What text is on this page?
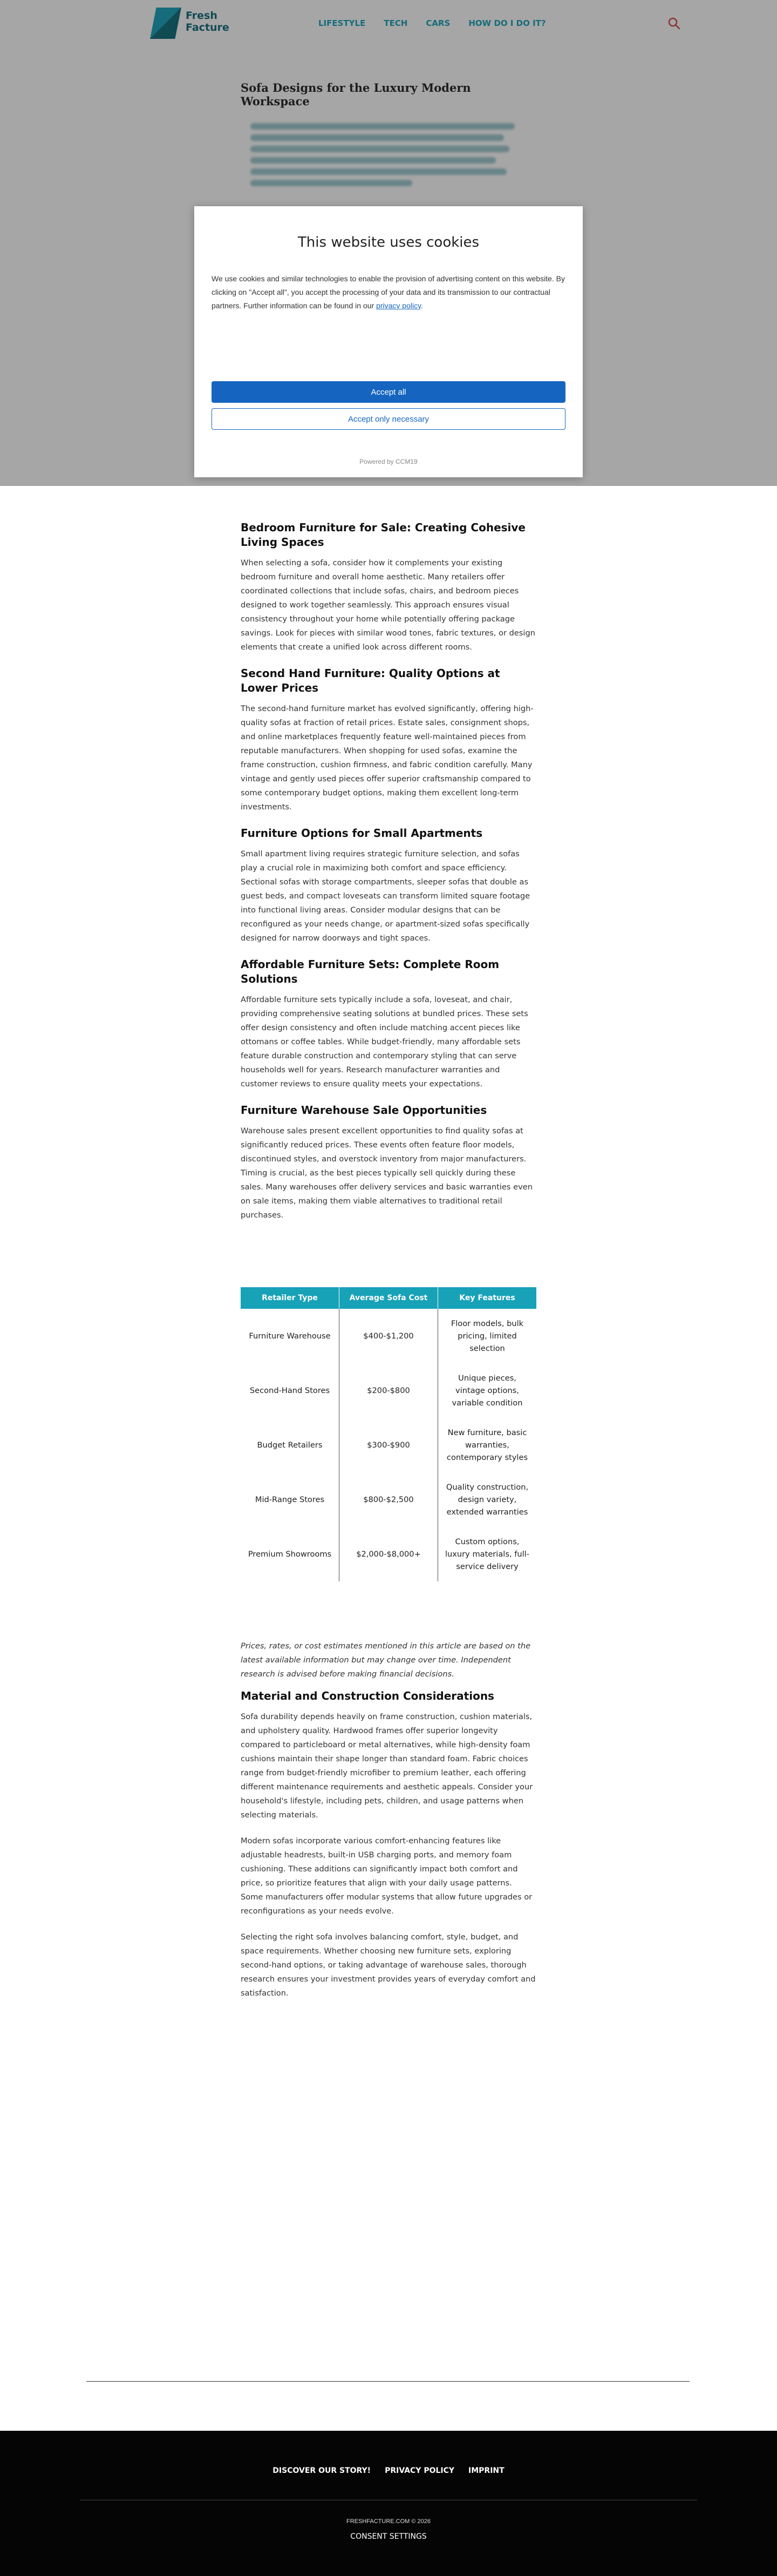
Fresh
Facture	LIFESTYLE TECH CARS HOW DO I DO IT?
Sofa Designs for the Luxury Modern Workspace
This website uses cookies
We use cookies and similar technologies to enable the provision of advertising content on this website. By clicking on "Accept all", you accept the processing of your data and its transmission to our contractual partners. Further information can be found in our privacy policy.
Accept all
Accept only necessary
Powered by CCM19
Bedroom Furniture for Sale: Creating Cohesive Living Spaces

When selecting a sofa, consider how it complements your existing bedroom furniture and overall home aesthetic. Many retailers offer coordinated collections that include sofas, chairs, and bedroom pieces designed to work together seamlessly. This approach ensures visual consistency throughout your home while potentially offering package savings. Look for pieces with similar wood tones, fabric textures, or design elements that create a unified look across different rooms.

Second Hand Furniture: Quality Options at Lower Prices

The second-hand furniture market has evolved significantly, offering high-quality sofas at fraction of retail prices. Estate sales, consignment shops, and online marketplaces frequently feature well-maintained pieces from reputable manufacturers. When shopping for used sofas, examine the frame construction, cushion firmness, and fabric condition carefully. Many vintage and gently used pieces offer superior craftsmanship compared to some contemporary budget options, making them excellent long-term investments.

Furniture Options for Small Apartments

Small apartment living requires strategic furniture selection, and sofas play a crucial role in maximizing both comfort and space efficiency. Sectional sofas with storage compartments, sleeper sofas that double as guest beds, and compact loveseats can transform limited square footage into functional living areas. Consider modular designs that can be reconfigured as your needs change, or apartment-sized sofas specifically designed for narrow doorways and tight spaces.

Affordable Furniture Sets: Complete Room Solutions

Affordable furniture sets typically include a sofa, loveseat, and chair, providing comprehensive seating solutions at bundled prices. These sets offer design consistency and often include matching accent pieces like ottomans or coffee tables. While budget-friendly, many affordable sets feature durable construction and contemporary styling that can serve households well for years. Research manufacturer warranties and customer reviews to ensure quality meets your expectations.

Furniture Warehouse Sale Opportunities

Warehouse sales present excellent opportunities to find quality sofas at significantly reduced prices. These events often feature floor models, discontinued styles, and overstock inventory from major manufacturers. Timing is crucial, as the best pieces typically sell quickly during these sales. Many warehouses offer delivery services and basic warranties even on sale items, making them viable alternatives to traditional retail purchases.

Retailer Type	Average Sofa Cost	Key Features
Furniture Warehouse	$400-$1,200	Floor models, bulk pricing, limited selection
Second-Hand Stores	$200-$800	Unique pieces, vintage options, variable condition
Budget Retailers	$300-$900	New furniture, basic warranties, contemporary styles
Mid-Range Stores	$800-$2,500	Quality construction, design variety, extended warranties
Premium Showrooms	$2,000-$8,000+	Custom options, luxury materials, full-service delivery

Prices, rates, or cost estimates mentioned in this article are based on the latest available information but may change over time. Independent research is advised before making financial decisions.

Material and Construction Considerations

Sofa durability depends heavily on frame construction, cushion materials, and upholstery quality. Hardwood frames offer superior longevity compared to particleboard or metal alternatives, while high-density foam cushions maintain their shape longer than standard foam. Fabric choices range from budget-friendly microfiber to premium leather, each offering different maintenance requirements and aesthetic appeals. Consider your household's lifestyle, including pets, children, and usage patterns when selecting materials.

Modern sofas incorporate various comfort-enhancing features like adjustable headrests, built-in USB charging ports, and memory foam cushioning. These additions can significantly impact both comfort and price, so prioritize features that align with your daily usage patterns. Some manufacturers offer modular systems that allow future upgrades or reconfigurations as your needs evolve.

Selecting the right sofa involves balancing comfort, style, budget, and space requirements. Whether choosing new furniture sets, exploring second-hand options, or taking advantage of warehouse sales, thorough research ensures your investment provides years of everyday comfort and satisfaction.

DISCOVER OUR STORY! PRIVACY POLICY IMPRINT
FRESHFACTURE.COM © 2026
CONSENT SETTINGS
